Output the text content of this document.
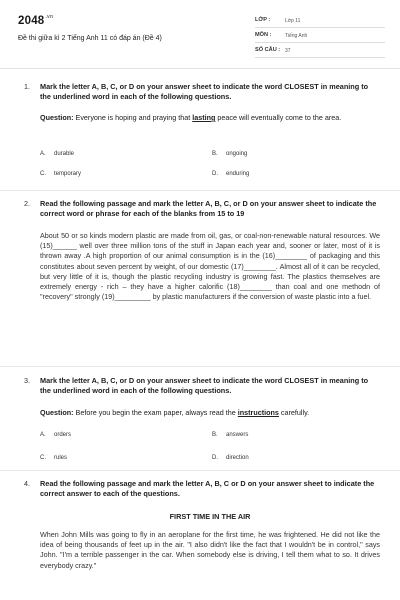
$2048^{.vn}$
Đề thi giữa kì 2 Tiếng Anh 11 có đáp án (Đề 4)
LỚP :	Lớp 11
MÔN :	Tiếng Anh
SỐ CÂU : 37
1. Mark the letter A, B, C, or D on your answer sheet to indicate the word CLOSEST in meaning to the underlined word in each of the following questions.
Question: Everyone is hoping and praying that lasting peace will eventually come to the area.
A. durable	B. ongoing
C. temporary	D. enduring
2. Read the following passage and mark the letter A, B, C, or D on your answer sheet to indicate the correct word or phrase for each of the blanks from 15 to 19
About 50 or so kinds modern plastic are made from oil, gas, or coal-non-renewable natural resources. We (15)______ well over three million tons of the stuff in Japan each year and, sooner or later, most of it is thrown away .A high proportion of our animal consumption is in the (16)________ of packaging and this constitutes about seven percent by weight, of our domestic (17)________. Almost all of it can be recycled, but very little of it is, though the plastic recycling industry is growing fast. The plastics themselves are extremely energy - rich – they have a higher calorific (18)________ than coal and one methodn of "recovery" strongly (19)_________ by plastic manufacturers if the conversion of waste plastic into a fuel.
3. Mark the letter A, B, C, or D on your answer sheet to indicate the word CLOSEST in meaning to the underlined word in each of the following questions.
Question: Before you begin the exam paper, always read the instructions carefully.
A. orders	B. answers
C. rules	D. direction
4. Read the following passage and mark the letter A, B, C or D on your answer sheet to indicate the correct answer to each of the questions.
FIRST TIME IN THE AIR
When John Mills was going to fly in an aeroplane for the first time, he was frightened. He did not like the idea of being thousands of feet up in the air. "I also didn't like the fact that I wouldn't be in control," says John. "I'm a terrible passenger in the car. When somebody else is driving, I tell them what to so. It drives everybody crazy."
